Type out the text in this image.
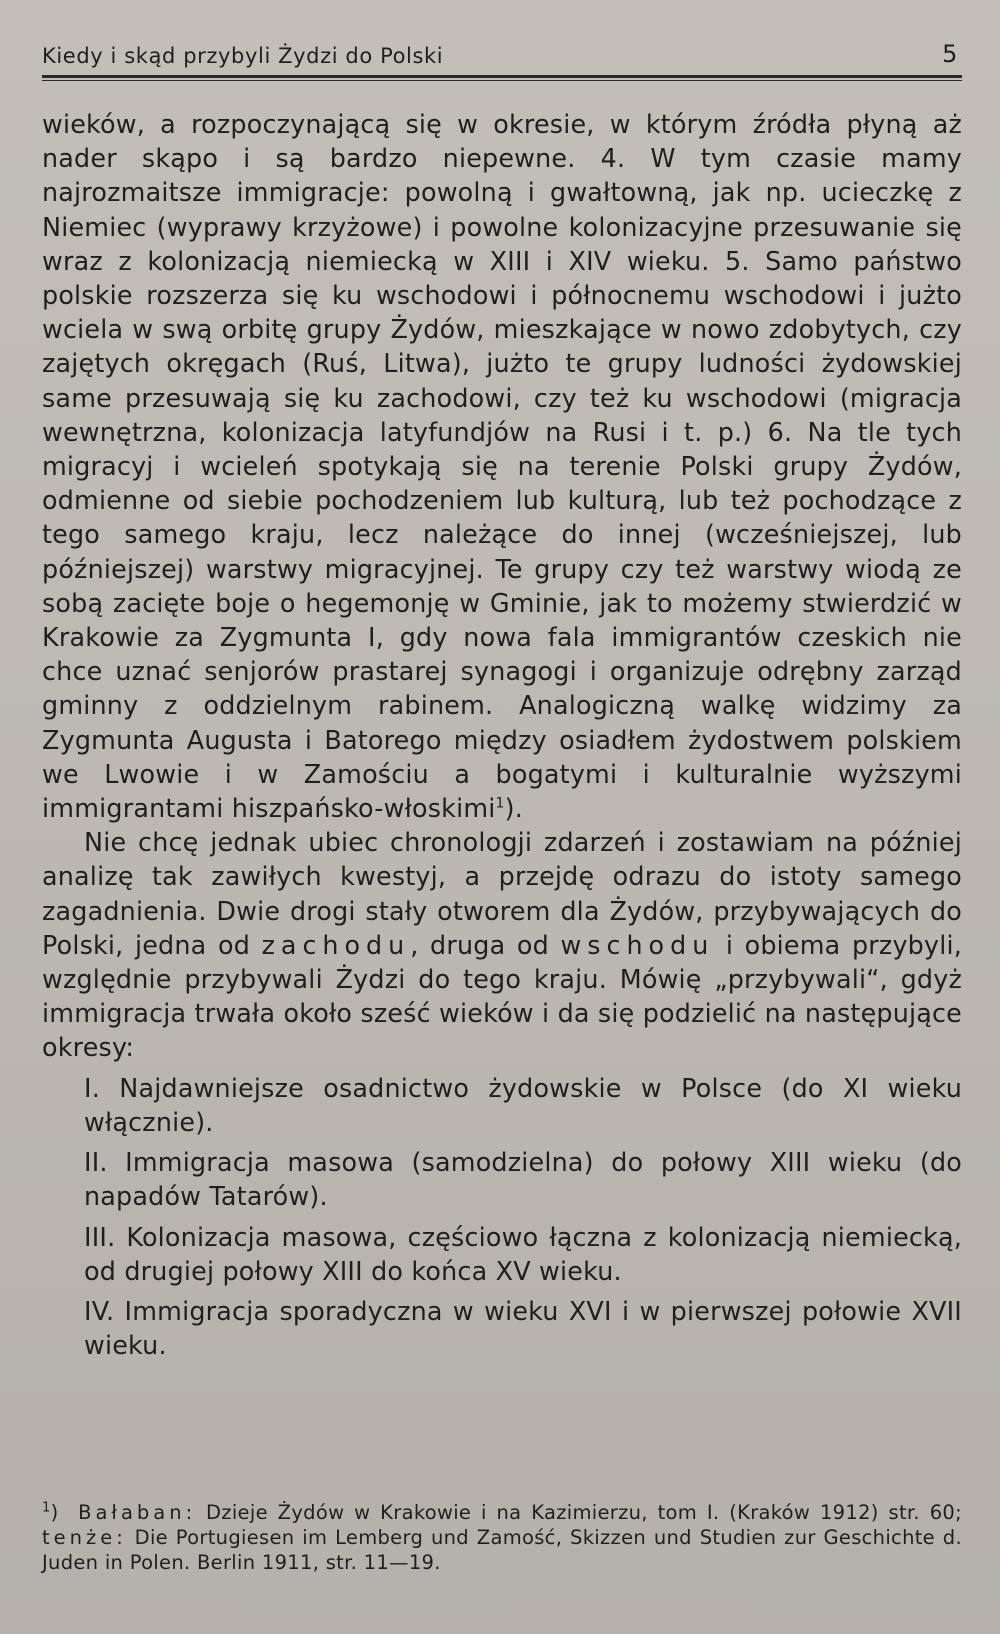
Kiedy i skąd przybyli Żydzi do Polski	5

wieków, a rozpoczynającą się w okresie, w którym źródła płyną aż nader skąpo i są bardzo niepewne. 4. W tym czasie mamy najrozmaitsze immigracje: powolną i gwałtowną, jak np. ucieczkę z Niemiec (wyprawy krzyżowe) i powolne kolonizacyjne przesuwanie się wraz z kolonizacją niemiecką w XIII i XIV wieku. 5. Samo państwo polskie rozszerza się ku wschodowi i północnemu wschodowi i jużto wciela w swą orbitę grupy Żydów, mieszkające w nowo zdobytych, czy zajętych okręgach (Ruś, Litwa), jużto te grupy ludności żydowskiej same przesuwają się ku zachodowi, czy też ku wschodowi (migracja wewnętrzna, kolonizacja latyfundjów na Rusi i t. p.) 6. Na tle tych migracyj i wcieleń spotykają się na terenie Polski grupy Żydów, odmienne od siebie pochodzeniem lub kulturą, lub też pochodzące z tego samego kraju, lecz należące do innej (wcześniejszej, lub późniejszej) warstwy migracyjnej. Te grupy czy też warstwy wiodą ze sobą zacięte boje o hegemonję w Gminie, jak to możemy stwierdzić w Krakowie za Zygmunta I, gdy nowa fala immigrantów czeskich nie chce uznać senjorów prastarej synagogi i organizuje odrębny zarząd gminny z oddzielnym rabinem. Analogiczną walkę widzimy za Zygmunta Augusta i Batorego między osiadłem żydostwem polskiem we Lwowie i w Zamościu a bogatymi i kulturalnie wyższymi immigrantami hiszpańsko-włoskimi$^1$).

Nie chcę jednak ubiec chronologji zdarzeń i zostawiam na później analizę tak zawiłych kwestyj, a przejdę odrazu do istoty samego zagadnienia. Dwie drogi stały otworem dla Żydów, przybywających do Polski, jedna od zachodu, druga od wschodu i obiema przybyli, względnie przybywali Żydzi do tego kraju. Mówię „przybywali“, gdyż immigracja trwała około sześć wieków i da się podzielić na następujące okresy:

I. Najdawniejsze osadnictwo żydowskie w Polsce (do XI wieku włącznie).

II. Immigracja masowa (samodzielna) do połowy XIII wieku (do napadów Tatarów).

III. Kolonizacja masowa, częściowo łączna z kolonizacją niemiecką, od drugiej połowy XIII do końca XV wieku.

IV. Immigracja sporadyczna w wieku XVI i w pierwszej połowie XVII wieku.

$^1$) Bałaban: Dzieje Żydów w Krakowie i na Kazimierzu, tom I. (Kraków 1912) str. 60; tenże: Die Portugiesen im Lemberg und Zamość, Skizzen und Studien zur Geschichte d. Juden in Polen. Berlin 1911, str. 11—19.
